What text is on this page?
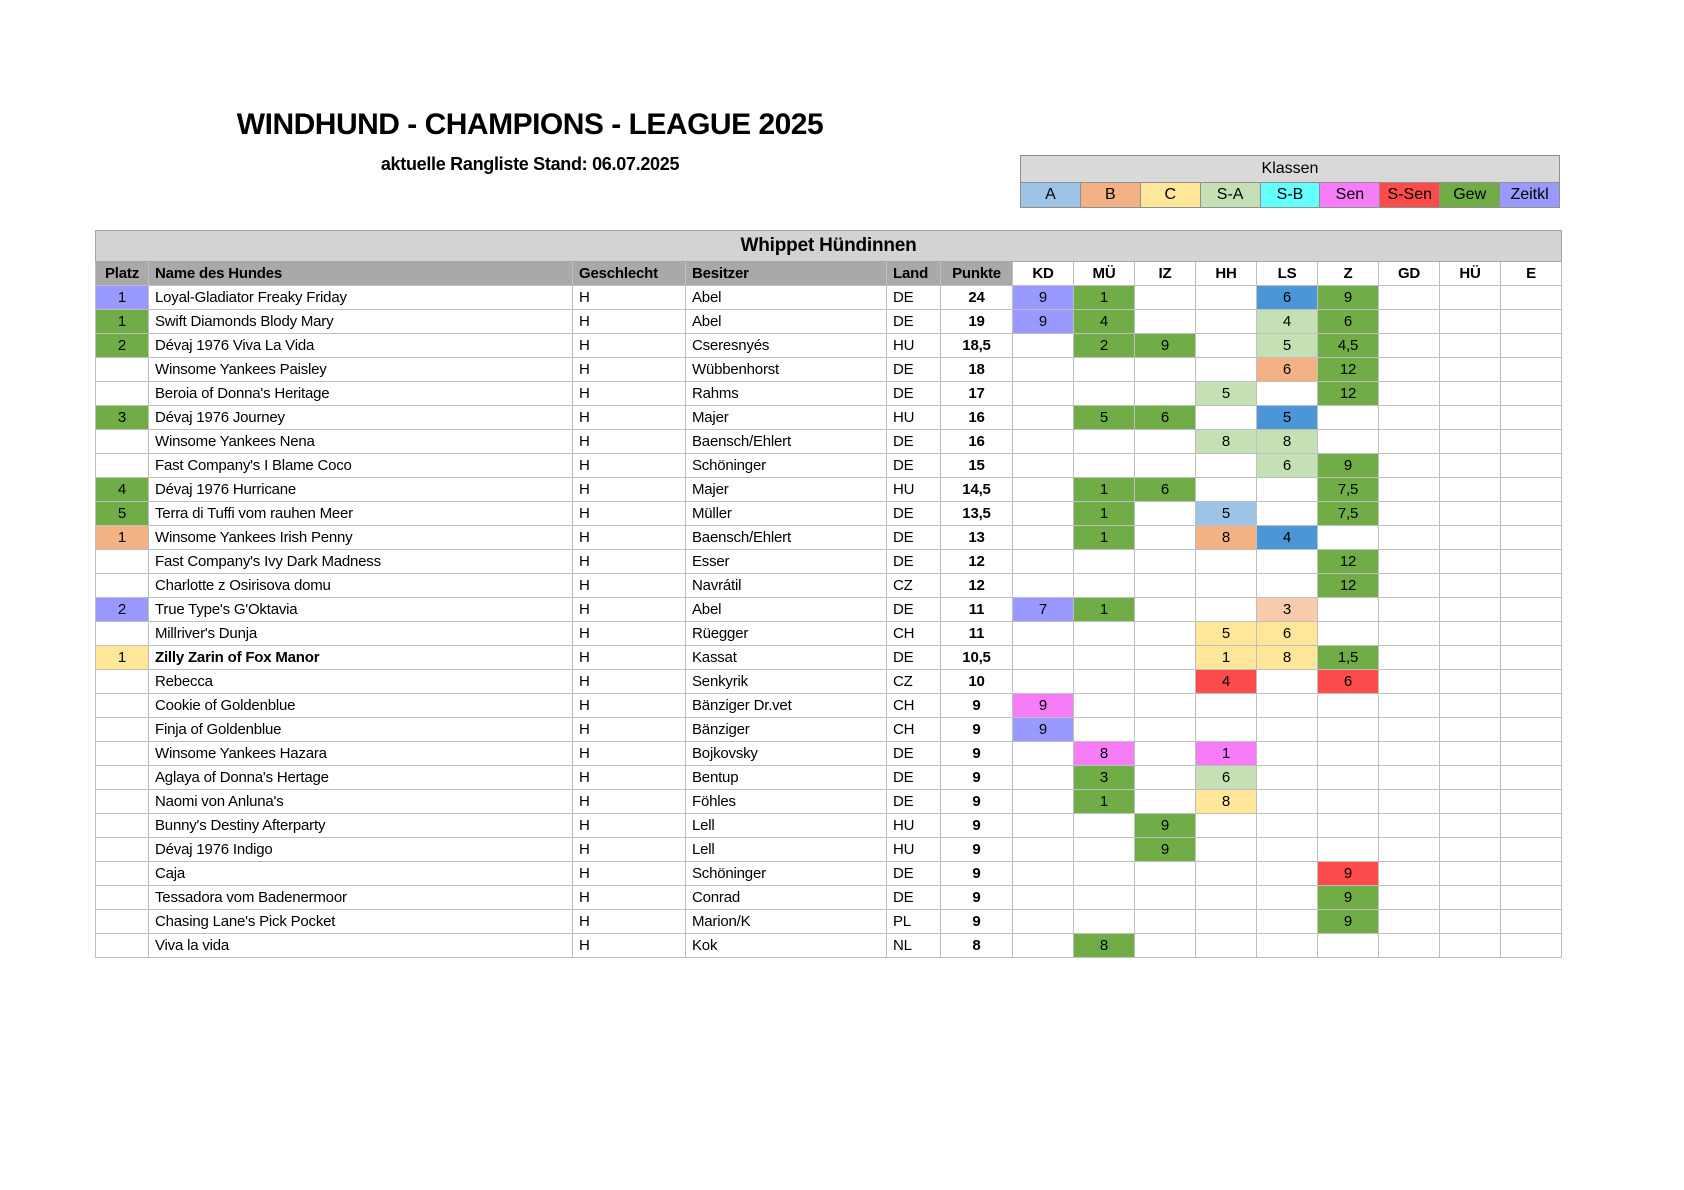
WINDHUND - CHAMPIONS - LEAGUE 2025
aktuelle Rangliste Stand: 06.07.2025	Klassen
A	B	C	S-A	S-B	Sen	S-Sen	Gew	Zeitkl
Whippet Hündinnen														
Platz	Name des Hundes	Geschlecht	Besitzer	Land	Punkte	KD	MÜ	IZ	HH	LS	Z	GD	HÜ	E
1	Loyal-Gladiator Freaky Friday	H	Abel	DE	24	9	1			6	9			
1	Swift Diamonds Blody Mary	H	Abel	DE	19	9	4			4	6			
2	Dévaj 1976 Viva La Vida	H	Cseresnyés	HU	18,5		2	9		5	4,5			
	Winsome Yankees Paisley	H	Wübbenhorst	DE	18					6	12			
	Beroia of Donna's Heritage	H	Rahms	DE	17				5		12			
3	Dévaj 1976 Journey	H	Majer	HU	16		5	6		5				
	Winsome Yankees Nena	H	Baensch/Ehlert	DE	16				8	8				
	Fast Company's I Blame Coco	H	Schöninger	DE	15					6	9			
4	Dévaj 1976 Hurricane	H	Majer	HU	14,5		1	6			7,5			
5	Terra di Tuffi vom rauhen Meer	H	Müller	DE	13,5		1		5		7,5			
1	Winsome Yankees Irish Penny	H	Baensch/Ehlert	DE	13		1		8	4				
	Fast Company's Ivy Dark Madness	H	Esser	DE	12						12			
	Charlotte z Osirisova domu	H	Navrátil	CZ	12						12			
2	True Type's G'Oktavia	H	Abel	DE	11	7	1			3				
	Millriver's Dunja	H	Rüegger	CH	11				5	6				
1	Zilly Zarin of Fox Manor	H	Kassat	DE	10,5				1	8	1,5			
	Rebecca	H	Senkyrik	CZ	10				4		6			
	Cookie of Goldenblue	H	Bänziger Dr.vet	CH	9	9								
	Finja of Goldenblue	H	Bänziger	CH	9	9								
	Winsome Yankees Hazara	H	Bojkovsky	DE	9		8		1					
	Aglaya of Donna's Hertage	H	Bentup	DE	9		3		6					
	Naomi von Anluna's	H	Föhles	DE	9		1		8					
	Bunny's Destiny Afterparty	H	Lell	HU	9			9						
	Dévaj 1976 Indigo	H	Lell	HU	9			9						
	Caja	H	Schöninger	DE	9						9			
	Tessadora vom Badenermoor	H	Conrad	DE	9						9			
	Chasing Lane's Pick Pocket	H	Marion/K	PL	9						9			
	Viva la vida	H	Kok	NL	8		8							
